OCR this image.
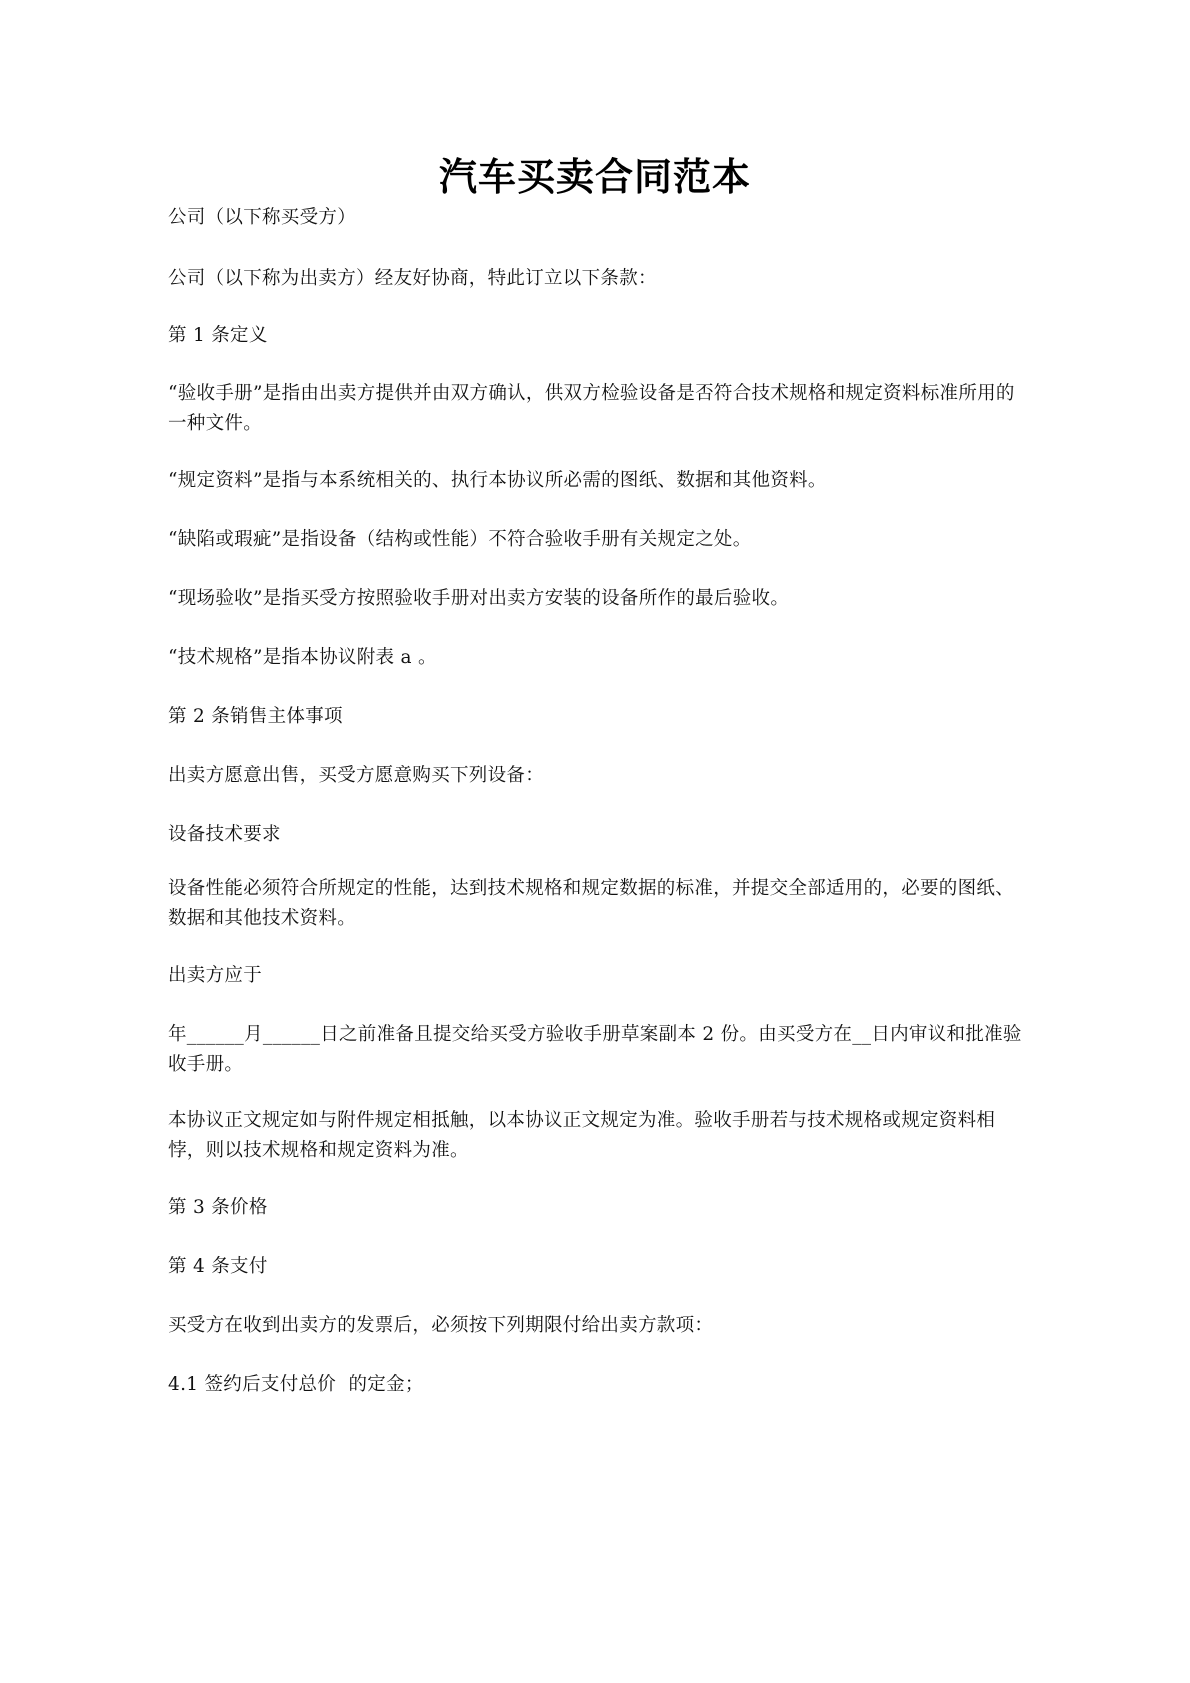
汽车买卖合同范本
公司（以下称买受方）
公司（以下称为出卖方）经友好协商，特此订立以下条款：
第 1 条定义
“验收手册”是指由出卖方提供并由双方确认，供双方检验设备是否符合技术规格和规定资料标准所用的一种文件。
“规定资料”是指与本系统相关的、执行本协议所必需的图纸、数据和其他资料。
“缺陷或瑕疵”是指设备（结构或性能）不符合验收手册有关规定之处。
“现场验收”是指买受方按照验收手册对出卖方安装的设备所作的最后验收。
“技术规格”是指本协议附表 a 。
第 2 条销售主体事项
出卖方愿意出售，买受方愿意购买下列设备：
设备技术要求
设备性能必须符合所规定的性能，达到技术规格和规定数据的标准，并提交全部适用的，必要的图纸、数据和其他技术资料。
出卖方应于
年______月______日之前准备且提交给买受方验收手册草案副本 2 份。由买受方在__日内审议和批准验收手册。
本协议正文规定如与附件规定相抵触，以本协议正文规定为准。验收手册若与技术规格或规定资料相悖，则以技术规格和规定资料为准。
第 3 条价格
第 4 条支付
买受方在收到出卖方的发票后，必须按下列期限付给出卖方款项：
4.1 签约后支付总价  的定金；
